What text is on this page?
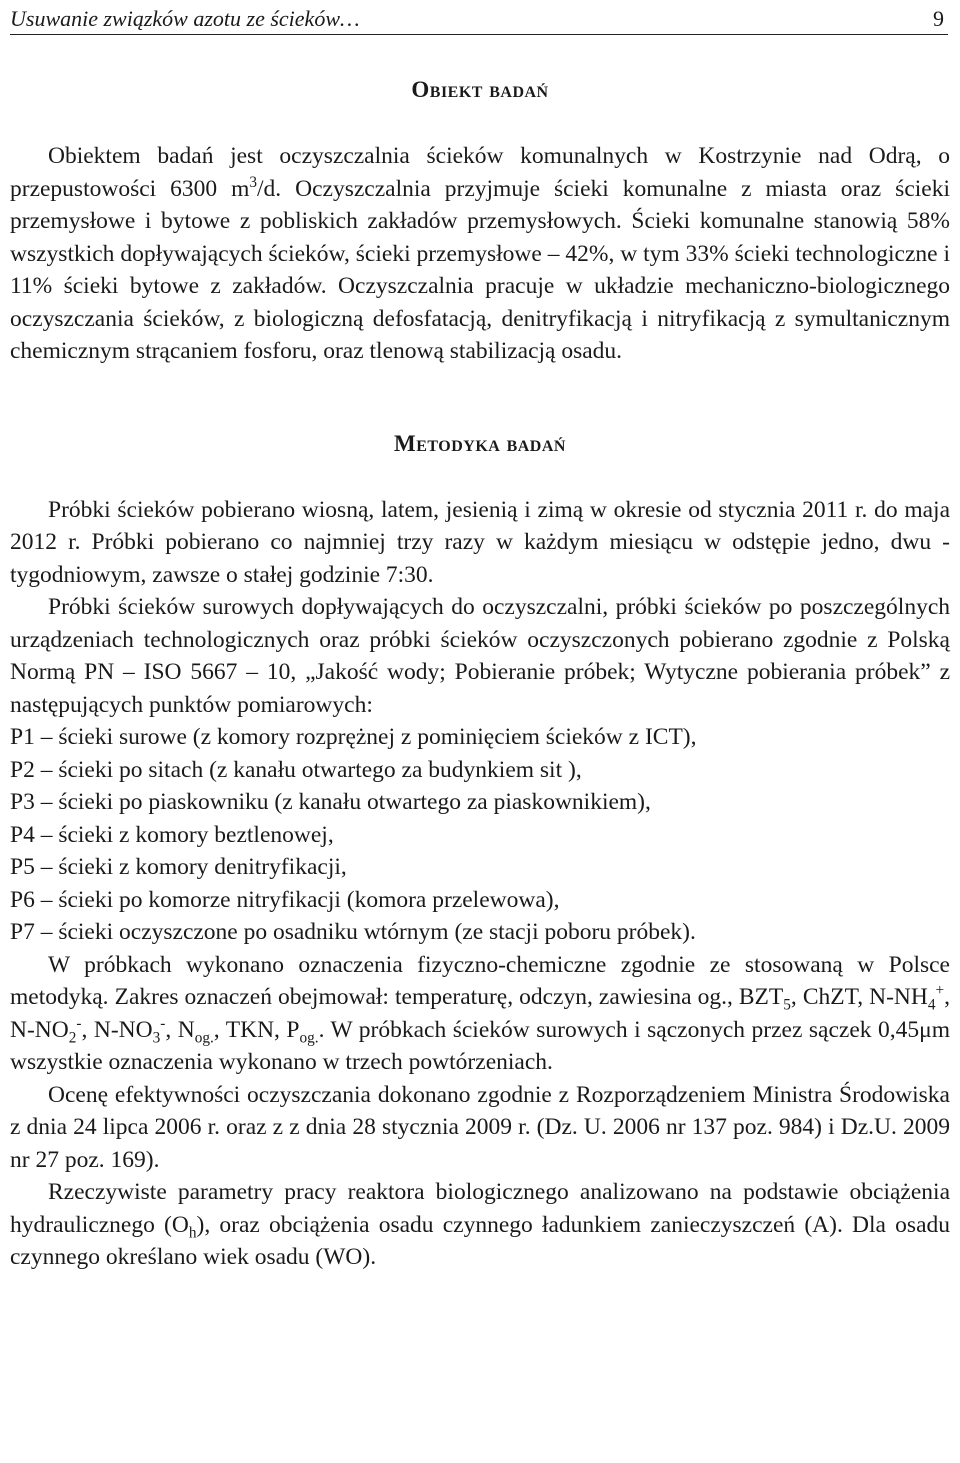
Usuwanie związków azotu ze ścieków…	9
Obiekt badań

Obiektem badań jest oczyszczalnia ścieków komunalnych w Kostrzynie nad Odrą, o przepustowości 6300 $m^3/d$. Oczyszczalnia przyjmuje ścieki komunalne z miasta oraz ścieki przemysłowe i bytowe z pobliskich zakładów przemysłowych. Ścieki komunalne stanowią 58% wszystkich dopływających ścieków, ścieki przemysłowe – 42%, w tym 33% ścieki technologiczne i 11% ścieki bytowe z zakładów. Oczyszczalnia pracuje w układzie mechaniczno-biologicznego oczyszczania ścieków, z biologiczną defosfatacją, denitryfikacją i nitryfikacją z symultanicznym chemicznym strącaniem fosforu, oraz tlenową stabilizacją osadu.

Metodyka badań

Próbki ścieków pobierano wiosną, latem, jesienią i zimą w okresie od stycznia 2011 r. do maja 2012 r. Próbki pobierano co najmniej trzy razy w każdym miesiącu w odstępie jedno, dwu - tygodniowym, zawsze o stałej godzinie 7:30.

Próbki ścieków surowych dopływających do oczyszczalni, próbki ścieków po poszczególnych urządzeniach technologicznych oraz próbki ścieków oczyszczonych pobierano zgodnie z Polską Normą PN – ISO 5667 – 10, „Jakość wody; Pobieranie próbek; Wytyczne pobierania próbek” z następujących punktów pomiarowych:

P1 – ścieki surowe (z komory rozprężnej z pominięciem ścieków z ICT),
P2 – ścieki po sitach (z kanału otwartego za budynkiem sit ),
P3 – ścieki po piaskowniku (z kanału otwartego za piaskownikiem),
P4 – ścieki z komory beztlenowej,
P5 – ścieki z komory denitryfikacji,
P6 – ścieki po komorze nitryfikacji (komora przelewowa),
P7 – ścieki oczyszczone po osadniku wtórnym (ze stacji poboru próbek).

W próbkach wykonano oznaczenia fizyczno-chemiczne zgodnie ze stosowaną w Polsce metodyką. Zakres oznaczeń obejmował: temperaturę, odczyn, zawiesina og., $BZT_5$, ChZT, $N-NH_4^+$, $N-NO_2^-$, $N-NO_3^-$, $N_{og.}$, TKN, $P_{og.}$. W próbkach ścieków surowych i sączonych przez sączek 0,45μm wszystkie oznaczenia wykonano w trzech powtórzeniach.

Ocenę efektywności oczyszczania dokonano zgodnie z Rozporządzeniem Ministra Środowiska z dnia 24 lipca 2006 r. oraz z z dnia 28 stycznia 2009 r. (Dz. U. 2006 nr 137 poz. 984) i Dz.U. 2009 nr 27 poz. 169).

Rzeczywiste parametry pracy reaktora biologicznego analizowano na podstawie obciążenia hydraulicznego $(O_h)$, oraz obciążenia osadu czynnego ładunkiem zanieczyszczeń (A). Dla osadu czynnego określano wiek osadu (WO).
